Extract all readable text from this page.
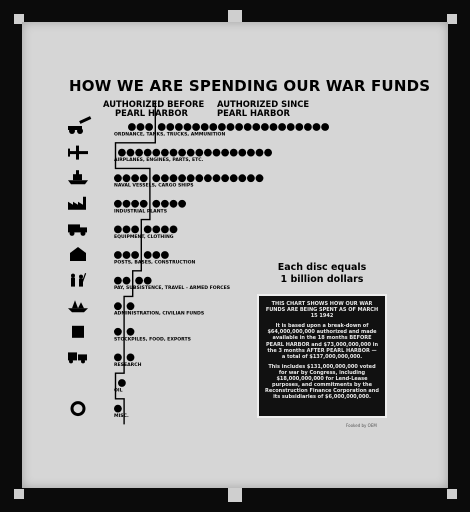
HOW WE ARE SPENDING OUR WAR FUNDS
AUTHORIZED BEFORE
PEARL HARBOR
AUTHORIZED SINCE
PEARL HARBOR
ORDNANCE, TANKS, TRUCKS, AMMUNITION
AIRPLANES, ENGINES, PARTS, ETC.
NAVAL VESSELS, CARGO SHIPS
INDUSTRIAL PLANTS
EQUIPMENT, CLOTHING
POSTS, BASES, CONSTRUCTION
PAY, SUBSISTENCE, TRAVEL - ARMED FORCES
ADMINISTRATION, CIVILIAN FUNDS
STOCKPILES, FOOD, EXPORTS
RESEARCH
OIL
MISC.
Each disc equals
1 billion dollars

THIS CHART SHOWS HOW OUR WAR FUNDS ARE BEING SPENT AS OF MARCH 15 1942

It is based upon a break-down of $64,000,000,000 authorized and made available in the 18 months BEFORE PEARL HARBOR and $73,000,000,000 in the 3 months AFTER PEARL HARBOR — a total of $137,000,000,000.

This includes $131,000,000,000 voted for war by Congress, including $18,000,000,000 for Lend-Lease purposes, and commitments by the Reconstruction Finance Corporation and its subsidiaries of $6,000,000,000.

Fooked by OEM
